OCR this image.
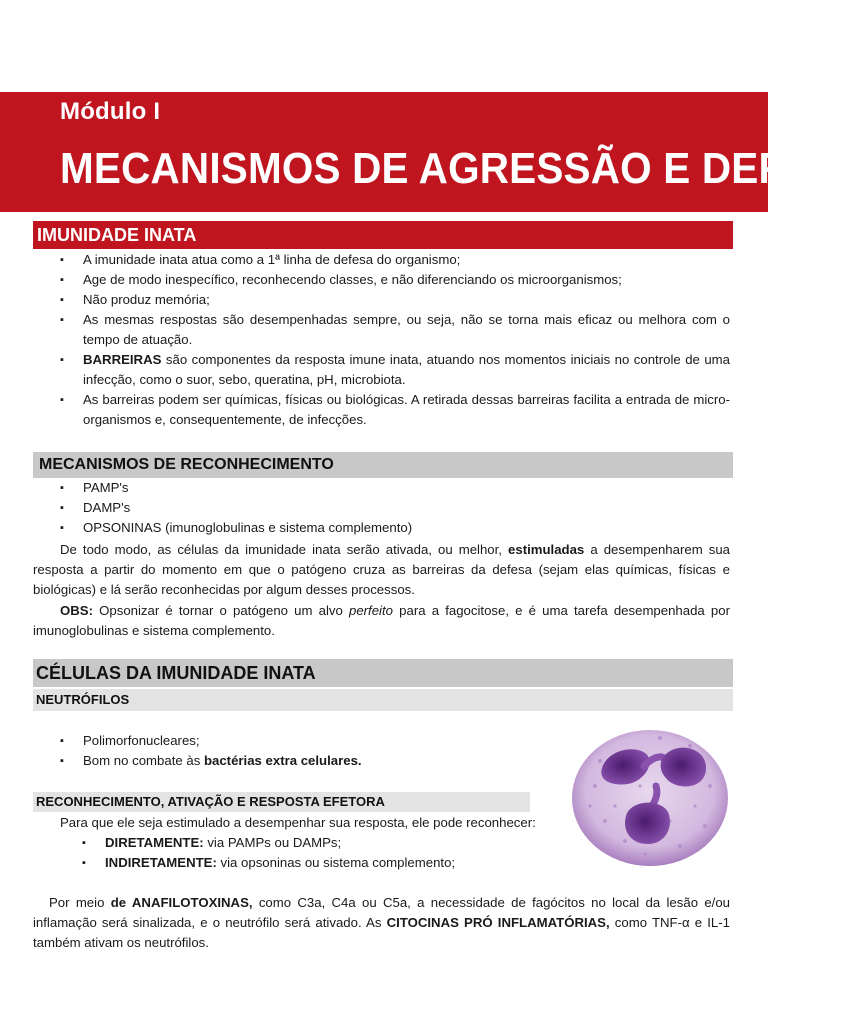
Módulo I
MECANISMOS DE AGRESSÃO E DEFESA
IMUNIDADE INATA
▪ A imunidade inata atua como a 1ª linha de defesa do organismo;
▪ Age de modo inespecífico, reconhecendo classes, e não diferenciando os microorganismos;
▪ Não produz memória;
▪ As mesmas respostas são desempenhadas sempre, ou seja, não se torna mais eficaz ou melhora com o tempo de atuação.
▪ BARREIRAS são componentes da resposta imune inata, atuando nos momentos iniciais no controle de uma infecção, como o suor, sebo, queratina, pH, microbiota.
▪ As barreiras podem ser químicas, físicas ou biológicas. A retirada dessas barreiras facilita a entrada de micro-organismos e, consequentemente, de infecções.
MECANISMOS DE RECONHECIMENTO
▪ PAMP's
▪ DAMP's
▪ OPSONINAS (imunoglobulinas e sistema complemento)
De todo modo, as células da imunidade inata serão ativada, ou melhor, estimuladas a desempenharem sua resposta a partir do momento em que o patógeno cruza as barreiras da defesa (sejam elas químicas, físicas e biológicas) e lá serão reconhecidas por algum desses processos.
OBS: Opsonizar é tornar o patógeno um alvo perfeito para a fagocitose, e é uma tarefa desempenhada por imunoglobulinas e sistema complemento.
CÉLULAS DA IMUNIDADE INATA
NEUTRÓFILOS
▪ Polimorfonucleares;
▪ Bom no combate às bactérias extra celulares.
RECONHECIMENTO, ATIVAÇÃO E RESPOSTA EFETORA
Para que ele seja estimulado a desempenhar sua resposta, ele pode reconhecer:
▪ DIRETAMENTE: via PAMPs ou DAMPs;
▪ INDIRETAMENTE: via opsoninas ou sistema complemento;
Por meio de ANAFILOTOXINAS, como C3a, C4a ou C5a, a necessidade de fagócitos no local da lesão e/ou inflamação será sinalizada, e o neutrófilo será ativado. As CITOCINAS PRÓ INFLAMATÓRIAS, como TNF-α e IL-1 também ativam os neutrófilos.
